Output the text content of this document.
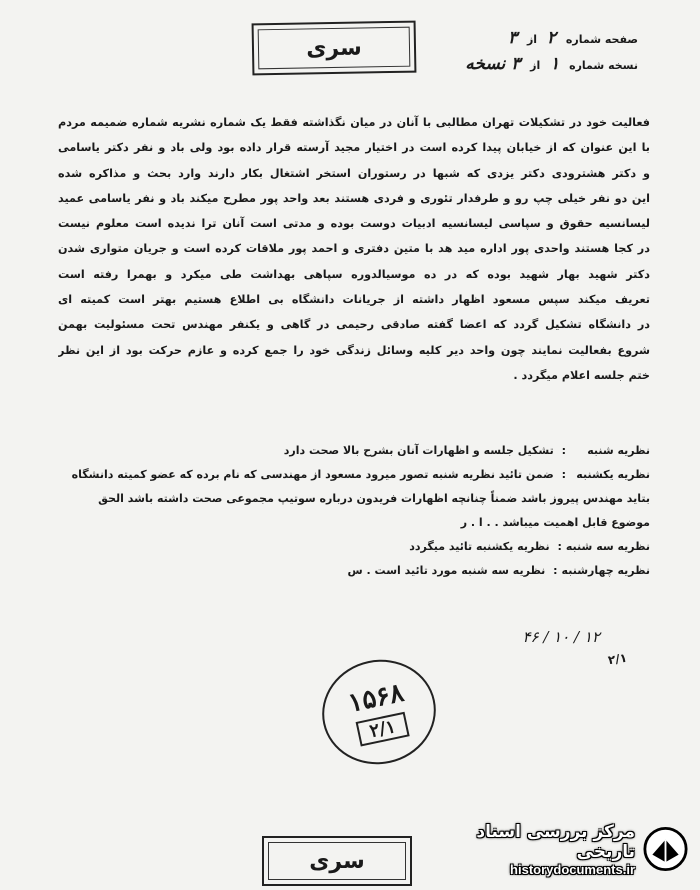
سری	صفحه شماره ۲ از ۳
نسخه شماره ۱ از ۳ نسخه

فعالیت خود در تشکیلات تهران مطالبی با آنان در میان نگذاشته فقط یک شماره نشریه شماره ضمیمه مردم

با این عنوان که از خیابان پیدا کرده است در اختیار مجید آرسته قرار داده بود ولی باد و نفر دکتر یاسامی

و دکتر هشترودی دکتر یزدی که شبها در رستوران استخر اشتغال بکار دارند وارد بحث و مذاکره شده

این دو نفر خیلی چپ رو و طرفدار تئوری و فردی هستند بعد واحد پور مطرح میکند باد و نفر یاسامی عمید

لیسانسیه حقوق و سپاسی لیسانسیه ادبیات دوست بوده و مدتی است آنان ترا ندیده است معلوم نیست

در کجا هستند واحدی پور اداره مید هد با متین دفتری و احمد پور ملاقات کرده است و جریان متواری شدن

دکتر شهید بهار شهید بوده که در ده موسیالدوره سپاهی بهداشت طی میکرد و بهمرا رفته است

تعریف میکند سپس مسعود اظهار داشته از جریانات دانشگاه بی اطلاع هستیم بهتر است کمیته ای

در دانشگاه تشکیل گردد که اعضا گفته صادقی رحیمی در گاهی و یکنفر مهندس تحت مسئولیت بهمن

شروع بفعالیت نمایند چون واحد دیر کلیه وسائل زندگی خود را جمع کرده و عازم حرکت بود از این نظر

ختم جلسه اعلام میگردد .

نظریه شنبه: تشکیل جلسه و اظهارات آنان بشرح بالا صحت دارد
نظریه یکشنبه: ضمن تائید نظریه شنبه تصور میرود مسعود از مهندسی که نام برده که عضو کمیته دانشگاه
بتاید مهندس پیروز باشد ضمناً چنانچه اظهارات فریدون درباره سوتیپ مجموعی صحت داشته باشد الحق
موضوع قابل اهمیت میباشد . . ا . ر
نظریه سه شنبه: نظریه یکشنبه تائید میگردد
نظریه چهارشنبه: نظریه سه شنبه مورد تائید است . س
۱۲ / ۱۰ / ۴۶
۲/۱
۱۵۶۸
۲/۱
سری
مرکز بررسی اسناد تاریخی
historydocuments.ir
